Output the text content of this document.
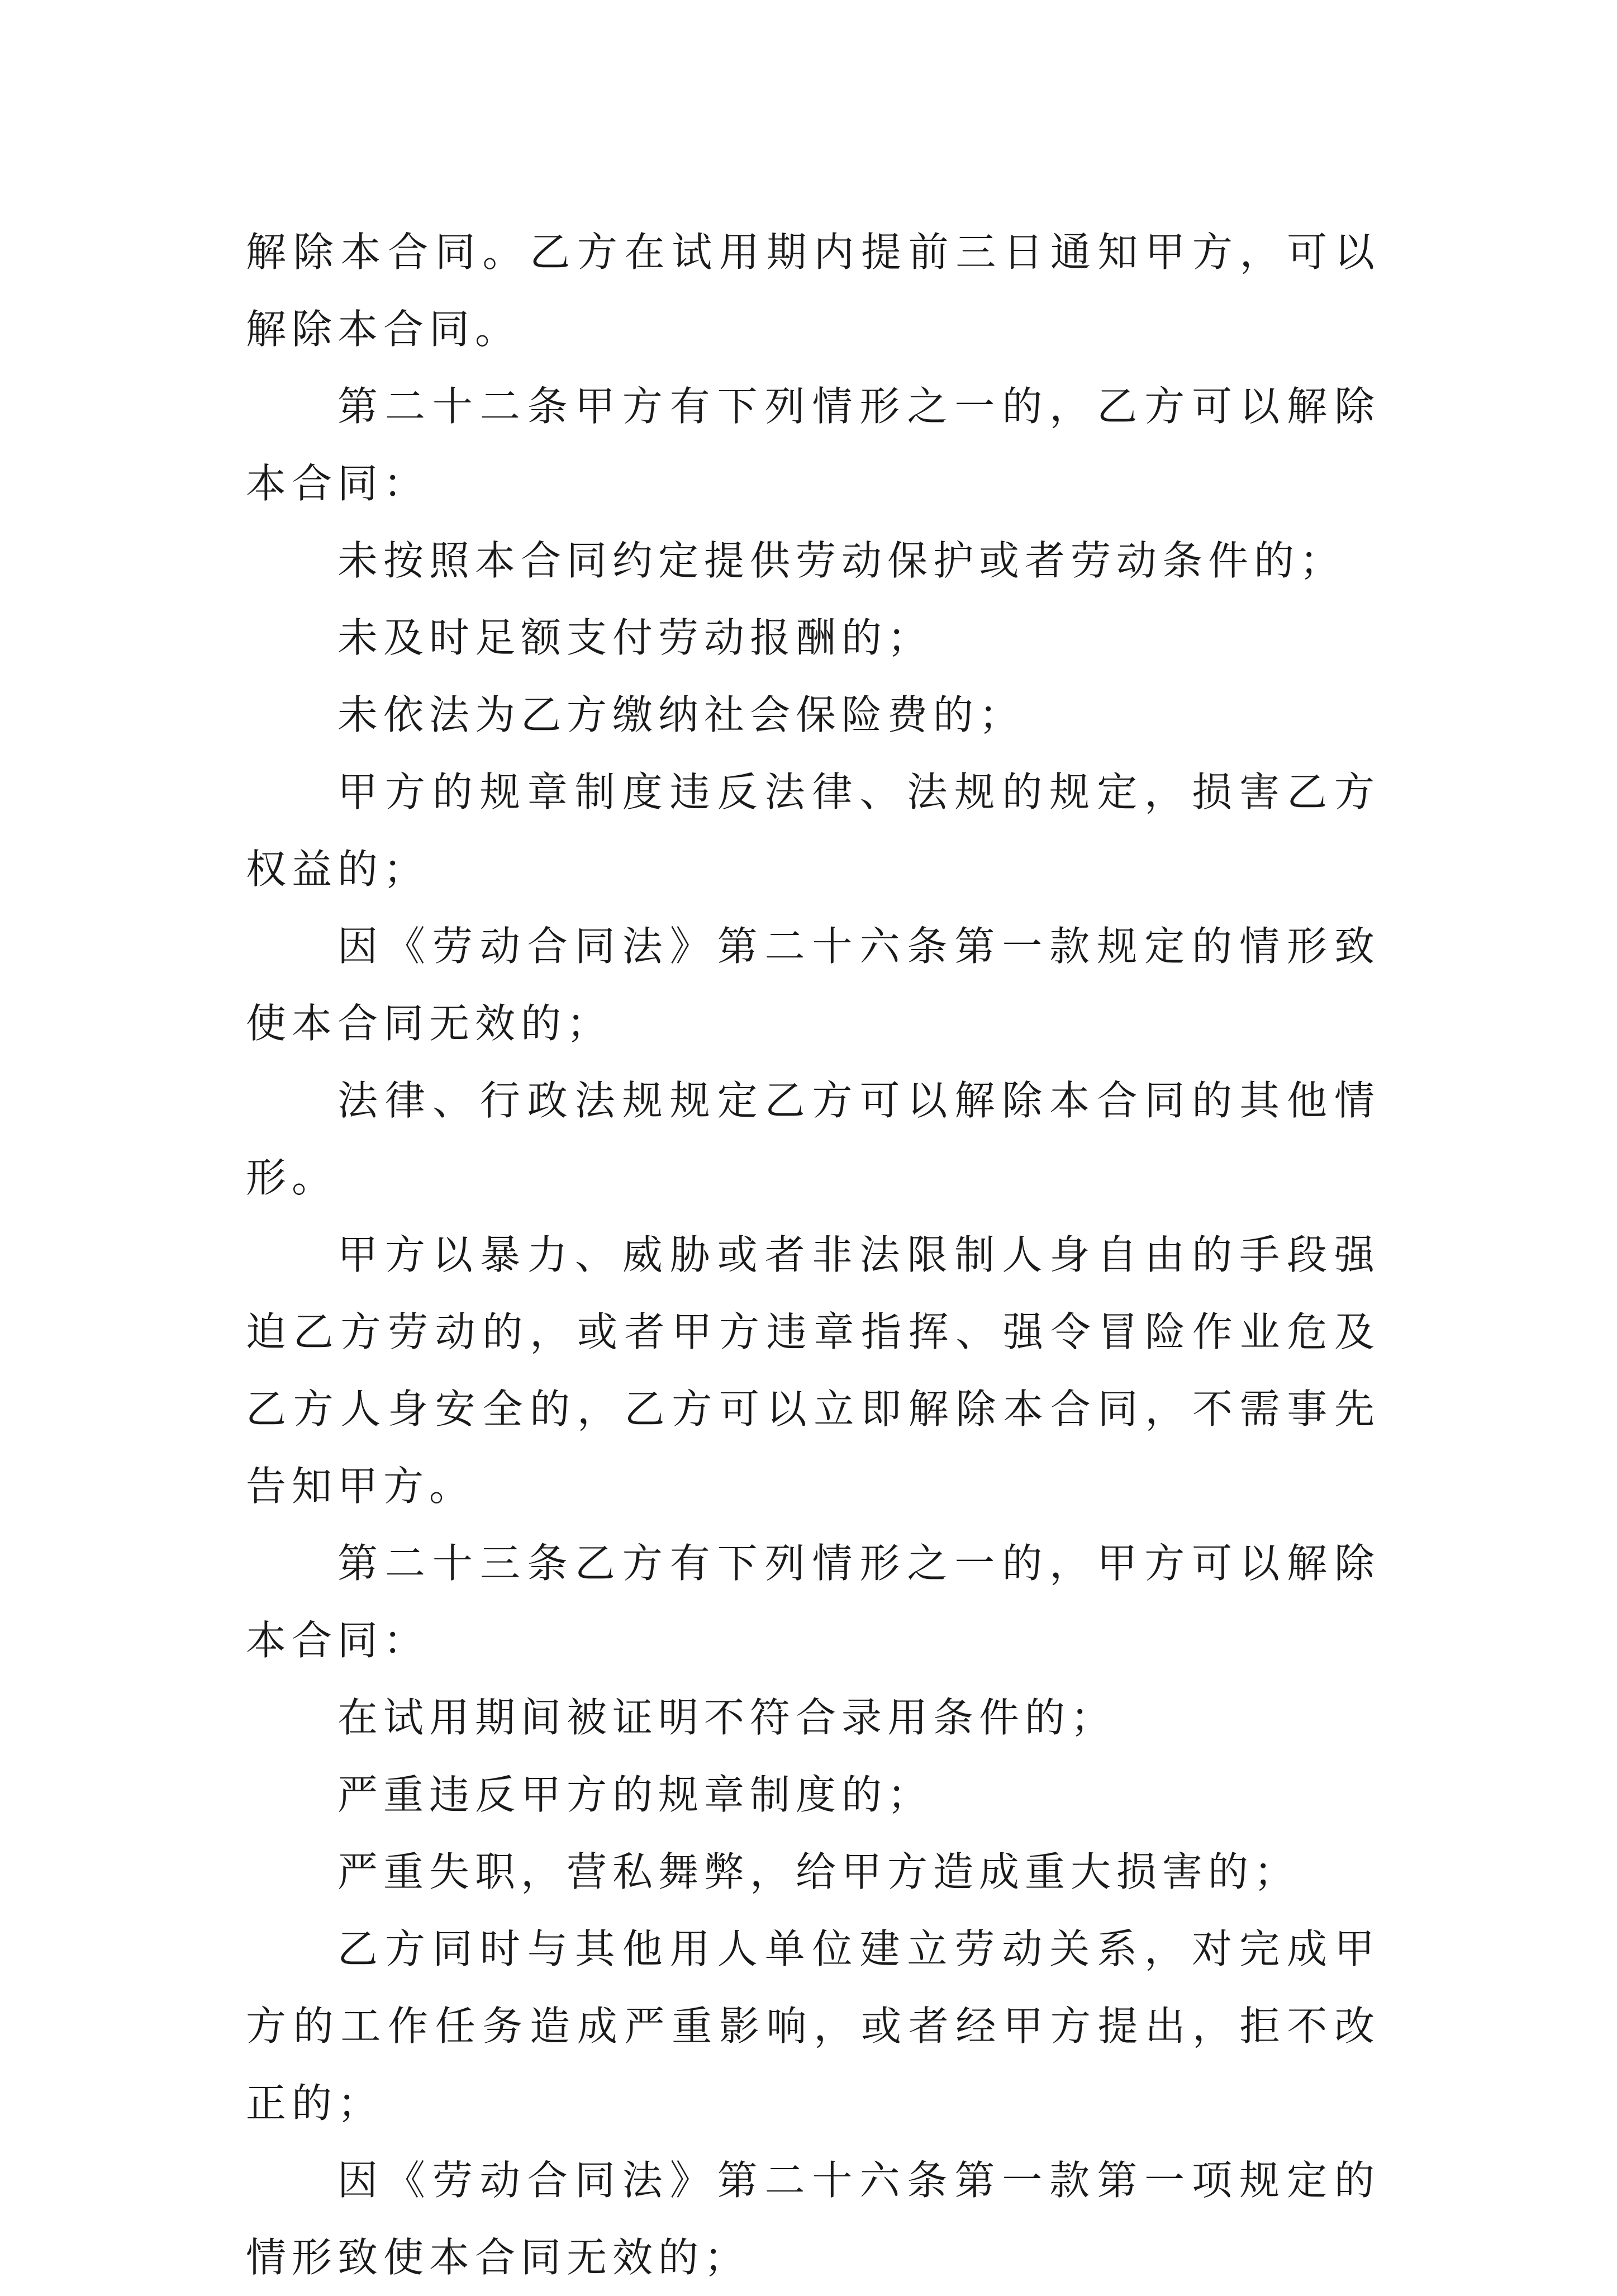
解除本合同。乙方在试用期内提前三日通知甲方，可以解除本合同。

第二十二条甲方有下列情形之一的，乙方可以解除本合同：

未按照本合同约定提供劳动保护或者劳动条件的；

未及时足额支付劳动报酬的；

未依法为乙方缴纳社会保险费的；

甲方的规章制度违反法律、法规的规定，损害乙方权益的；

因《劳动合同法》第二十六条第一款规定的情形致使本合同无效的；

法律、行政法规规定乙方可以解除本合同的其他情形。

甲方以暴力、威胁或者非法限制人身自由的手段强迫乙方劳动的，或者甲方违章指挥、强令冒险作业危及乙方人身安全的，乙方可以立即解除本合同，不需事先告知甲方。

第二十三条乙方有下列情形之一的，甲方可以解除本合同：

在试用期间被证明不符合录用条件的；

严重违反甲方的规章制度的；

严重失职，营私舞弊，给甲方造成重大损害的；

乙方同时与其他用人单位建立劳动关系，对完成甲方的工作任务造成严重影响，或者经甲方提出，拒不改正的；

因《劳动合同法》第二十六条第一款第一项规定的情形致使本合同无效的；
